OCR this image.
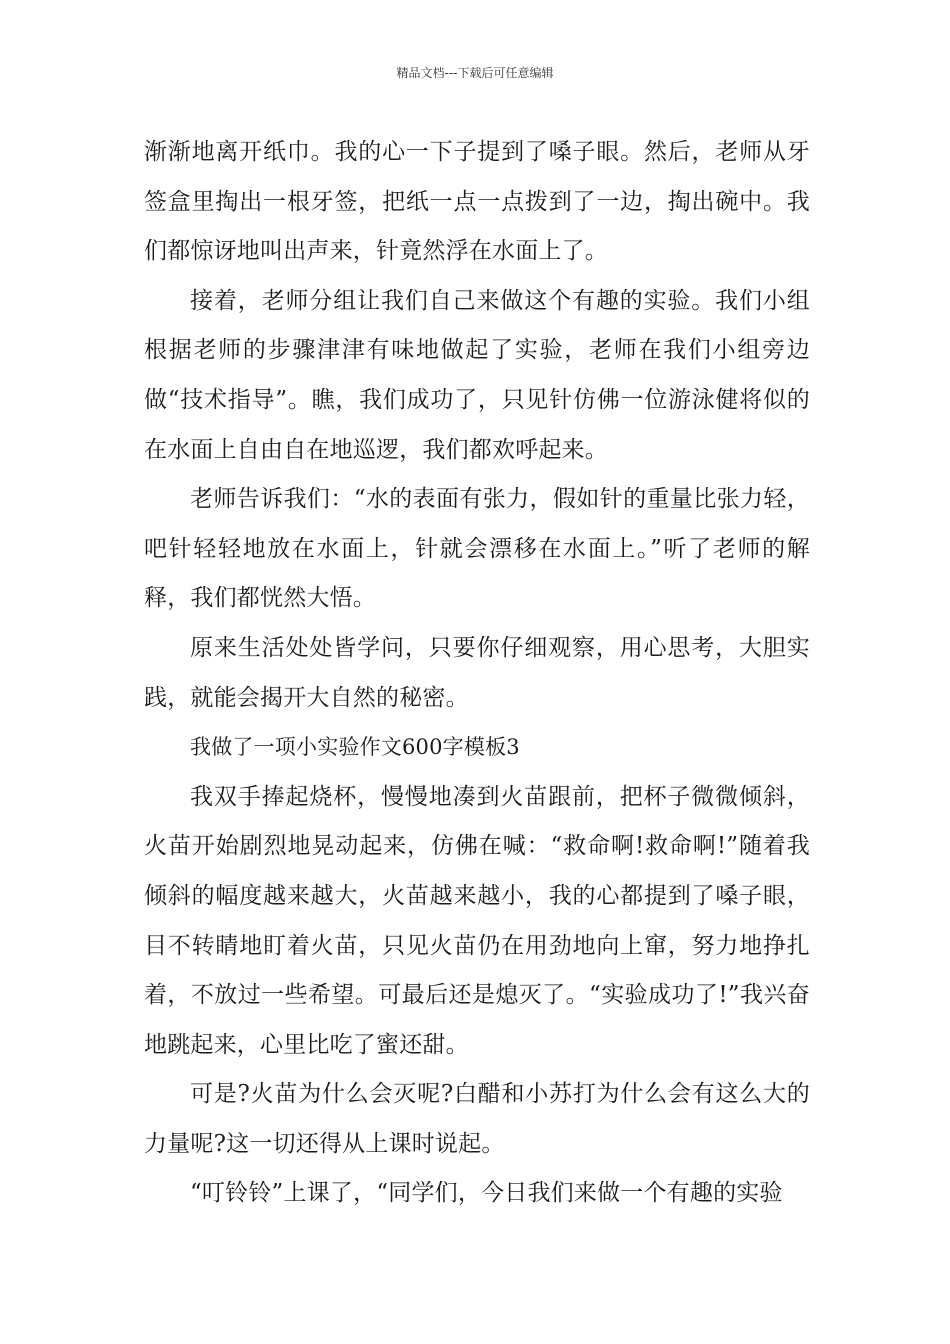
精品文档---下载后可任意编辑

渐渐地离开纸巾。我的心一下子提到了嗓子眼。然后，老师从牙签盒里掏出一根牙签，把纸一点一点拨到了一边，掏出碗中。我们都惊讶地叫出声来，针竟然浮在水面上了。

接着，老师分组让我们自己来做这个有趣的实验。我们小组根据老师的步骤津津有味地做起了实验，老师在我们小组旁边做“技术指导”。瞧，我们成功了，只见针仿佛一位游泳健将似的在水面上自由自在地巡逻，我们都欢呼起来。

老师告诉我们：“水的表面有张力，假如针的重量比张力轻，吧针轻轻地放在水面上，针就会漂移在水面上。”听了老师的解释，我们都恍然大悟。

原来生活处处皆学问，只要你仔细观察，用心思考，大胆实践，就能会揭开大自然的秘密。

我做了一项小实验作文600字模板3

我双手捧起烧杯，慢慢地凑到火苗跟前，把杯子微微倾斜，火苗开始剧烈地晃动起来，仿佛在喊：“救命啊!救命啊!”随着我倾斜的幅度越来越大，火苗越来越小，我的心都提到了嗓子眼，目不转睛地盯着火苗，只见火苗仍在用劲地向上窜，努力地挣扎着，不放过一些希望。可最后还是熄灭了。“实验成功了!”我兴奋地跳起来，心里比吃了蜜还甜。

可是?火苗为什么会灭呢?白醋和小苏打为什么会有这么大的力量呢?这一切还得从上课时说起。

“叮铃铃”上课了，“同学们，今日我们来做一个有趣的实验
